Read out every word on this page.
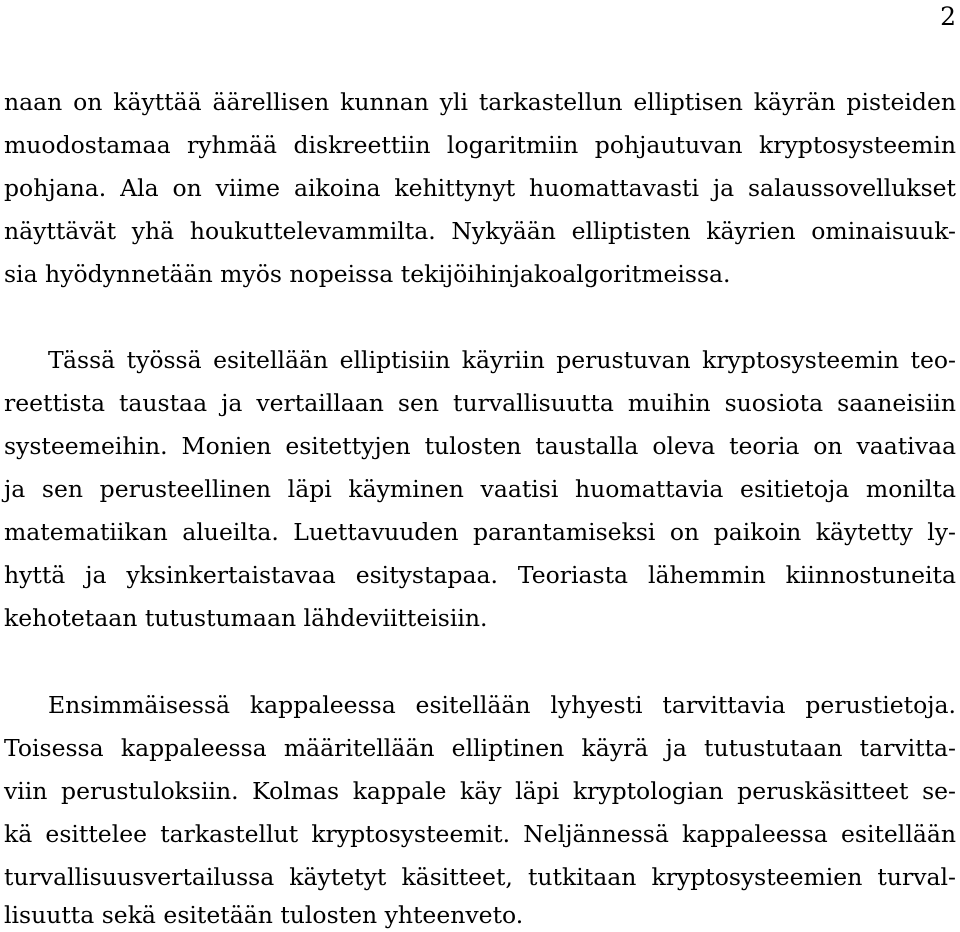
2
naan on käyttää äärellisen kunnan yli tarkastellun elliptisen käyrän pisteiden
muodostamaa ryhmää diskreettiin logaritmiin pohjautuvan kryptosysteemin
pohjana. Ala on viime aikoina kehittynyt huomattavasti ja salaussovellukset
näyttävät yhä houkuttelevammilta. Nykyään elliptisten käyrien ominaisuuk-
sia hyödynnetään myös nopeissa tekijöihinjakoalgoritmeissa.
Tässä työssä esitellään elliptisiin käyriin perustuvan kryptosysteemin teo-
reettista taustaa ja vertaillaan sen turvallisuutta muihin suosiota saaneisiin
systeemeihin. Monien esitettyjen tulosten taustalla oleva teoria on vaativaa
ja sen perusteellinen läpi käyminen vaatisi huomattavia esitietoja monilta
matematiikan alueilta. Luettavuuden parantamiseksi on paikoin käytetty ly-
hyttä ja yksinkertaistavaa esitystapaa. Teoriasta lähemmin kiinnostuneita
kehotetaan tutustumaan lähdeviitteisiin.
Ensimmäisessä kappaleessa esitellään lyhyesti tarvittavia perustietoja.
Toisessa kappaleessa määritellään elliptinen käyrä ja tutustutaan tarvitta-
viin perustuloksiin. Kolmas kappale käy läpi kryptologian peruskäsitteet se-
kä esittelee tarkastellut kryptosysteemit. Neljännessä kappaleessa esitellään
turvallisuusvertailussa käytetyt käsitteet, tutkitaan kryptosysteemien turval-
lisuutta sekä esitetään tulosten yhteenveto.
